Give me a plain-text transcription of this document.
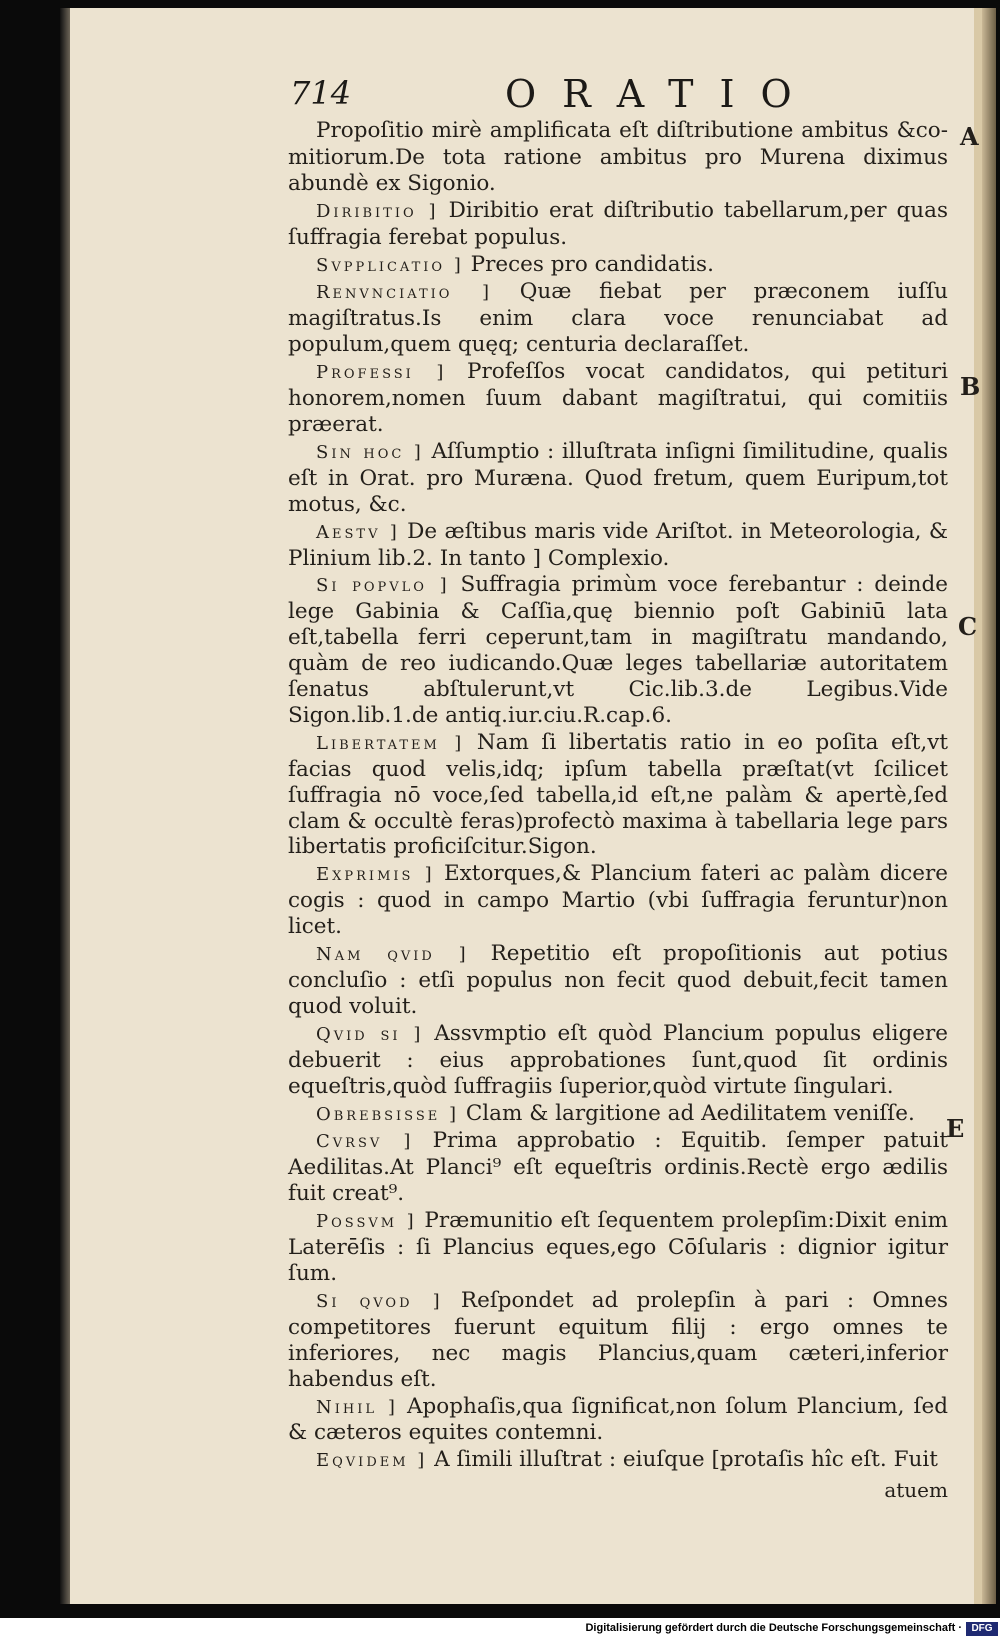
714	ORATIO

Propoſitio mirè amplificata eſt diſtributione ambitus &co-mitiorum.De tota ratione ambitus pro Murena diximus abundè ex Sigonio.

Diribitio ] Diribitio erat diſtributio tabellarum,per quas ſuffragia ferebat populus.

Svpplicatio ] Preces pro candidatis.

Renvnciatio ] Quæ fiebat per præconem iuſſu magiſtratus.Is enim clara voce renunciabat ad populum,quem quęq; centuria declaraſſet.

Professi ] Profeſſos vocat candidatos, qui petituri honorem,nomen ſuum dabant magiſtratui, qui comitiis præerat.

Sin hoc ] Aſſumptio : illuſtrata inſigni ſimilitudine, qualis eſt in Orat. pro Muræna. Quod fretum, quem Euripum,tot motus, &c.

Aestv ] De æſtibus maris vide Ariſtot. in Meteorologia, & Plinium lib.2. In tanto ] Complexio.

Si popvlo ] Suffragia primùm voce ferebantur : deinde lege Gabinia & Caſſia,quę biennio poſt Gabiniū lata eſt,tabella ferri ceperunt,tam in magiſtratu mandando, quàm de reo iudicando.Quæ leges tabellariæ autoritatem ſenatus abſtulerunt,vt Cic.lib.3.de Legibus.Vide Sigon.lib.1.de antiq.iur.ciu.R.cap.6.

Libertatem ] Nam ſi libertatis ratio in eo poſita eſt,vt facias quod velis,idq; ipſum tabella præſtat(vt ſcilicet ſuffragia nō voce,ſed tabella,id eſt,ne palàm & apertè,ſed clam & occultè feras)profectò maxima à tabellaria lege pars libertatis proficiſcitur.Sigon.

Exprimis ] Extorques,& Plancium fateri ac palàm dicere cogis : quod in campo Martio (vbi ſuffragia feruntur)non licet.

Nam qvid ] Repetitio eſt propoſitionis aut potius concluſio : etſi populus non fecit quod debuit,fecit tamen quod voluit.

Qvid si ] Assvmptio eſt quòd Plancium populus eligere debuerit : eius approbationes ſunt,quod ſit ordinis equeſtris,quòd ſuffragiis ſuperior,quòd virtute ſingulari.

Obrebsisse ] Clam & largitione ad Aedilitatem veniſſe.

Cvrsv ] Prima approbatio : Equitib. ſemper patuit Aedilitas.At Planci⁹ eſt equeſtris ordinis.Rectè ergo ædilis fuit creat⁹.

Possvm ] Præmunitio eſt ſequentem prolepſim:Dixit enim Laterēſis : ſi Plancius eques,ego Cōſularis : dignior igitur ſum.

Si qvod ] Reſpondet ad prolepſin à pari : Omnes competitores fuerunt equitum filij : ergo omnes te inferiores, nec magis Plancius,quam cæteri,inferior habendus eſt.

Nihil ] Apophaſis,qua ſignificat,non ſolum Plancium, ſed & cæteros equites contemni.

Eqvidem ] A ſimili illuſtrat : eiuſque [protaſis hîc eſt. Fuit

atuem
A
B
C
E
Digitalisierung gefördert durch die Deutsche Forschungsgemeinschaft · DFG
